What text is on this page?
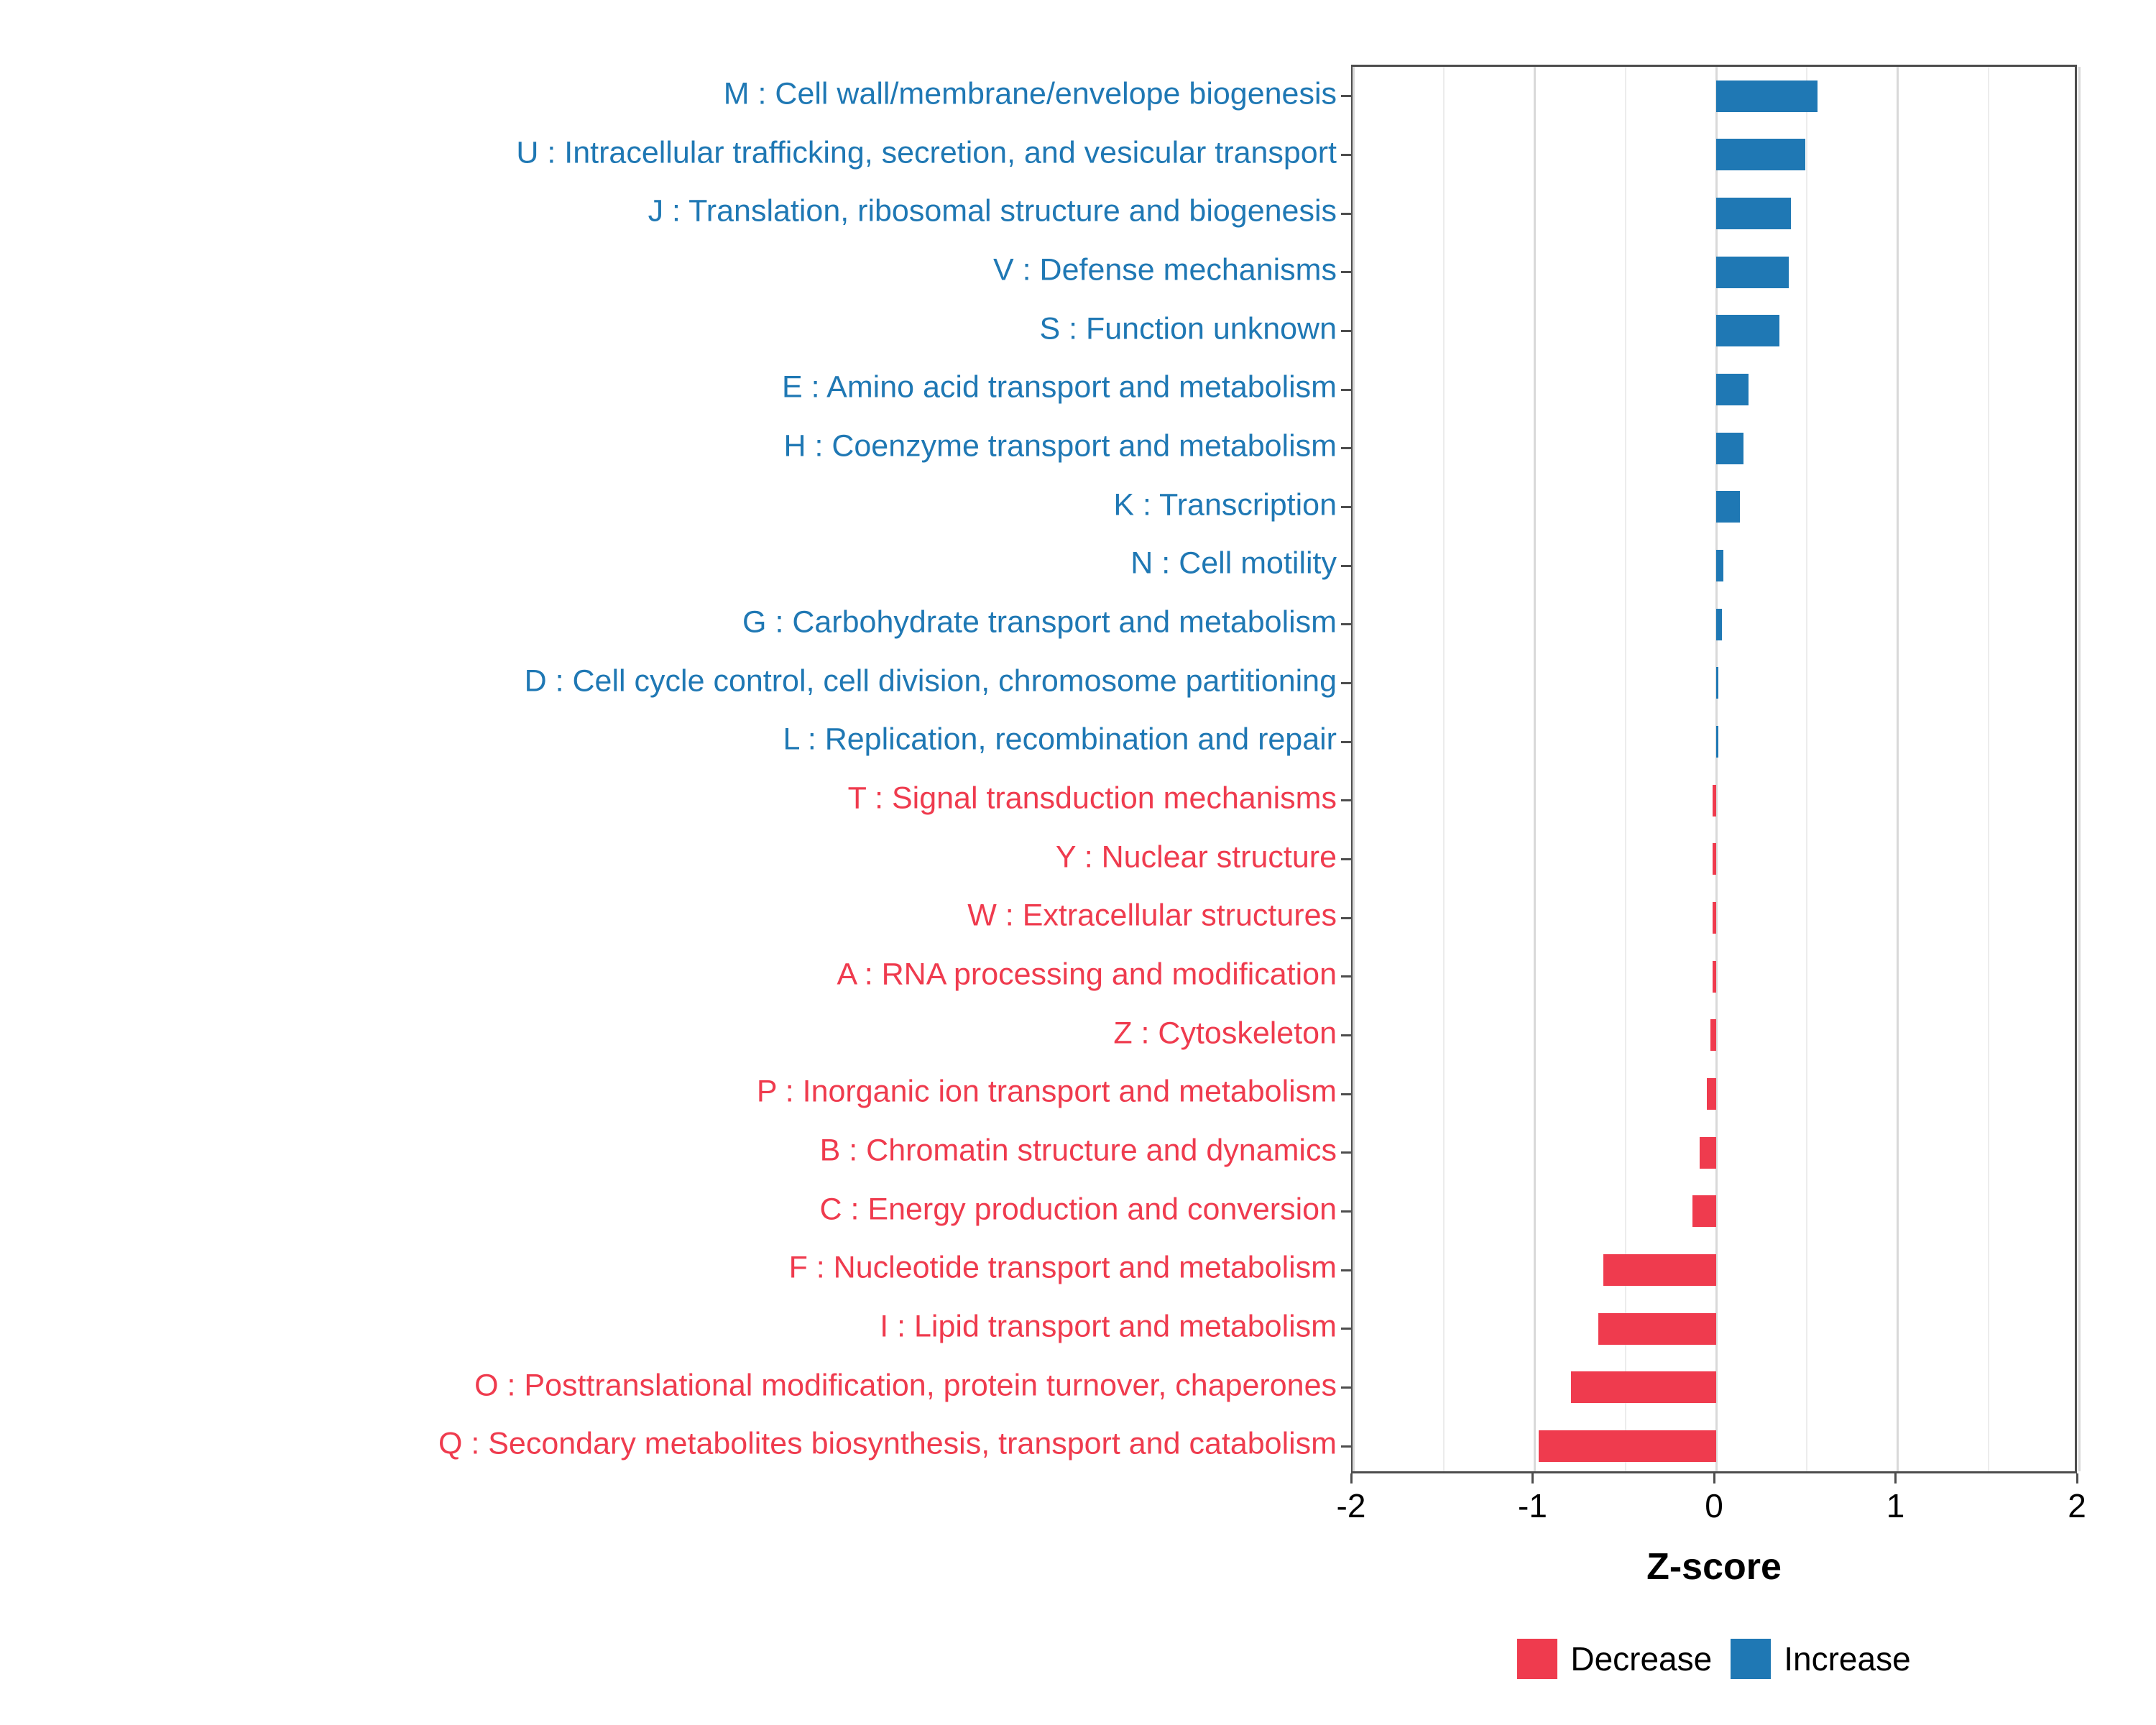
M : Cell wall/membrane/envelope biogenesis
U : Intracellular trafficking, secretion, and vesicular transport
J : Translation, ribosomal structure and biogenesis
V : Defense mechanisms
S : Function unknown
E : Amino acid transport and metabolism
H : Coenzyme transport and metabolism
K : Transcription
N : Cell motility
G : Carbohydrate transport and metabolism
D : Cell cycle control, cell division, chromosome partitioning
L : Replication, recombination and repair
T : Signal transduction mechanisms
Y : Nuclear structure
W : Extracellular structures
A : RNA processing and modification
Z : Cytoskeleton
P : Inorganic ion transport and metabolism
B : Chromatin structure and dynamics
C : Energy production and conversion
F : Nucleotide transport and metabolism
I : Lipid transport and metabolism
O : Posttranslational modification, protein turnover, chaperones
Q : Secondary metabolites biosynthesis, transport and catabolism
-2	-1	0	1	2
Z-score
Decrease Increase
